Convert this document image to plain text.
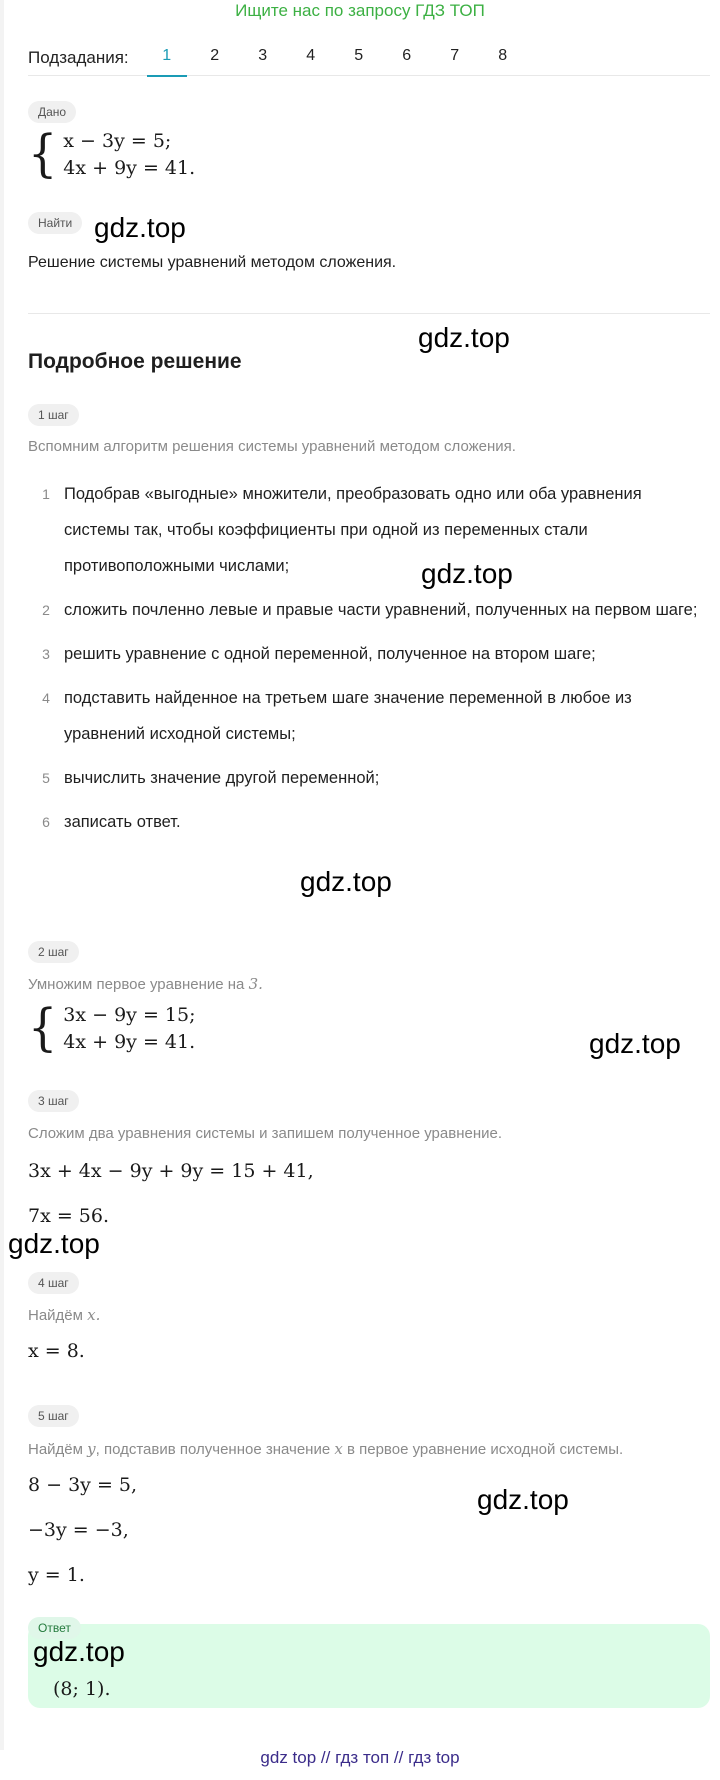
Ищите нас по запросу ГДЗ ТОП
Подзадания:	1	2	3	4	5	6	7	8
Дано
{ x − 3y = 5;
4x + 9y = 41.
Найти
Решение системы уравнений методом сложения.
Подробное решение
1 шаг
Вспомним алгоритм решения системы уравнений методом сложения.
1 Подобрав «выгодные» множители, преобразовать одно или оба уравнения системы так, чтобы коэффициенты при одной из переменных стали противоположными числами;
2 сложить почленно левые и правые части уравнений, полученных на первом шаге;
3 решить уравнение с одной переменной, полученное на втором шаге;
4 подставить найденное на третьем шаге значение переменной в любое из уравнений исходной системы;
5 вычислить значение другой переменной;
6 записать ответ.
2 шаг
Умножим первое уравнение на 3.
{ 3x − 9y = 15;
4x + 9y = 41.
3 шаг
Сложим два уравнения системы и запишем полученное уравнение.
3x + 4x − 9y + 9y = 15 + 41,
7x = 56.
4 шаг
Найдём x.
x = 8.
5 шаг
Найдём y, подставив полученное значение x в первое уравнение исходной системы.
8 − 3y = 5,
−3y = −3,
y = 1.
Ответ
(8; 1).
gdz.top
gdz.top
gdz.top
gdz.top
gdz.top
gdz.top
gdz.top
gdz.top
gdz top // гдз топ // гдз top
